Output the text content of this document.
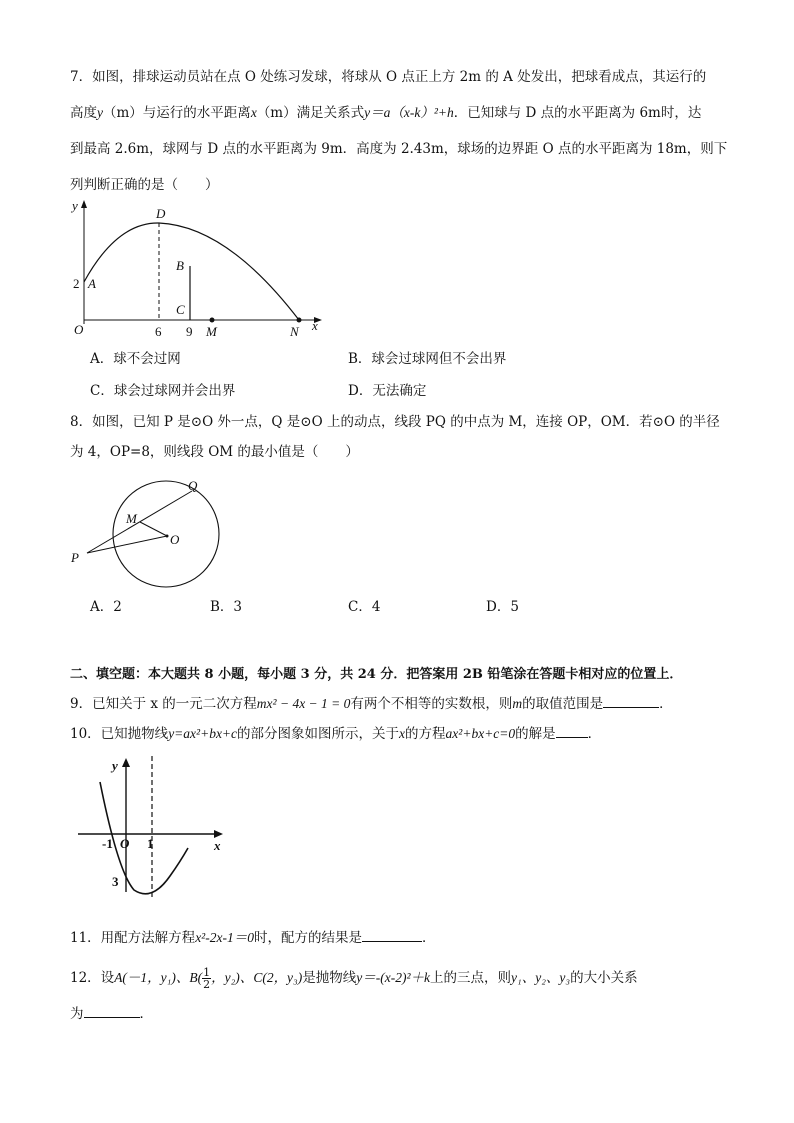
7．如图，排球运动员站在点 O 处练习发球，将球从 O 点正上方 2m 的 A 处发出，把球看成点，其运行的
高度y（m）与运行的水平距离x（m）满足关系式y＝a（x-k）²+h．已知球与 D 点的水平距离为 6m时，达
到最高 2.6m，球网与 D 点的水平距离为 9m．高度为 2.43m，球场的边界距 O 点的水平距离为 18m，则下
列判断正确的是（　　）
y
2 A
D
B
C
O	6 9 M	N x
A．球不会过网	B．球会过球网但不会出界
C．球会过球网并会出界	D．无法确定
8．如图，已知 P 是⊙O 外一点，Q 是⊙O 上的动点，线段 PQ 的中点为 M，连接 OP，OM．若⊙O 的半径
为 4，OP=8，则线段 OM 的最小值是（　　）
Q
M
O
P
A．2	B．3	C．4	D．5
二、填空题：本大题共 8 小题，每小题 3 分，共 24 分．把答案用 2B 铅笔涂在答题卡相对应的位置上．
9．已知关于 x 的一元二次方程mx² − 4x − 1 = 0有两个不相等的实数根，则m的取值范围是	．
10．已知抛物线y=ax²+bx+c的部分图象如图所示，关于x的方程ax²+bx+c=0的解是 ．
y
-1 O 1
3
x
11．用配方法解方程x²-2x-1＝0时，配方的结果是	．
12．设A(－1，y₁)、$B( \frac{1}{2}$ ，y₂)、C(2，y₃)是抛物线y＝-(x-2)²＋k上的三点，则y₁、y₂、y₃的大小关系
为	．
